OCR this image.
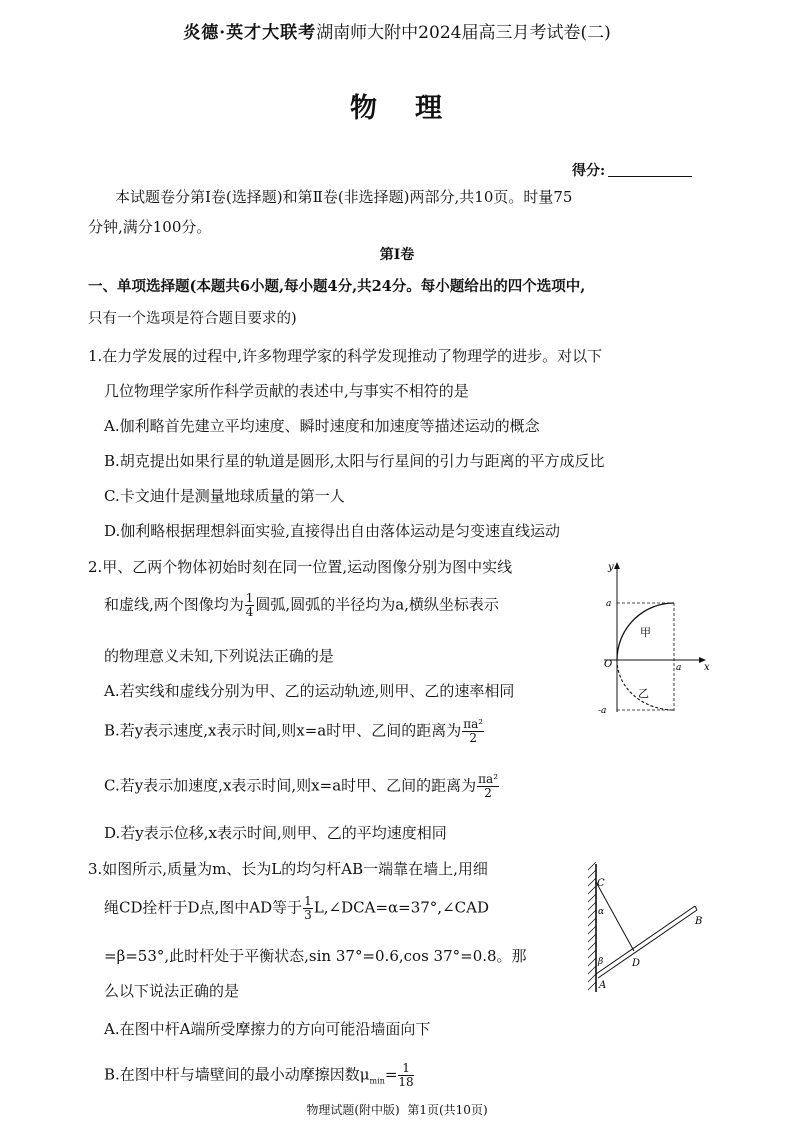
炎德·英才大联考湖南师大附中2024届高三月考试卷(二)
物 理
得分:
本试题卷分第Ⅰ卷(选择题)和第Ⅱ卷(非选择题)两部分,共10页。时量75
分钟,满分100分。
第Ⅰ卷
一、单项选择题(本题共6小题,每小题4分,共24分。每小题给出的四个选项中,
只有一个选项是符合题目要求的)
1.在力学发展的过程中,许多物理学家的科学发现推动了物理学的进步。对以下
几位物理学家所作科学贡献的表述中,与事实不相符的是
A.伽利略首先建立平均速度、瞬时速度和加速度等描述运动的概念
B.胡克提出如果行星的轨道是圆形,太阳与行星间的引力与距离的平方成反比
C.卡文迪什是测量地球质量的第一人
D.伽利略根据理想斜面实验,直接得出自由落体运动是匀变速直线运动
2.甲、乙两个物体初始时刻在同一位置,运动图像分别为图中实线
和虚线,两个图像均为 $\frac{1}{4}$ 圆弧,圆弧的半径均为a,横纵坐标表示
的物理意义未知,下列说法正确的是
A.若实线和虚线分别为甲、乙的运动轨迹,则甲、乙的速率相同
B.若y表示速度,x表示时间,则x=a时甲、乙间的距离为 $\frac{\text{πa²}}{2}$
C.若y表示加速度,x表示时间,则x=a时甲、乙间的距离为 $\frac{\text{πa²}}{2}$
D.若y表示位移,x表示时间,则甲、乙的平均速度相同
y
x
a
O	a
-a
甲
乙
3.如图所示,质量为m、长为L的均匀杆AB一端靠在墙上,用细
绳CD拴杆于D点,图中AD等于 $\frac{1}{3}$ L,∠DCA=α=37°,∠CAD
=β=53°,此时杆处于平衡状态,sin 37°=0.6,cos 37°=0.8。那
么以下说法正确的是
A.在图中杆A端所受摩擦力的方向可能沿墙面向下
B.在图中杆与墙壁间的最小动摩擦因数$\mu_{min}= \frac{1}{18}$
C
α
β	D
A
B
物理试题(附中版)  第1页(共10页)
